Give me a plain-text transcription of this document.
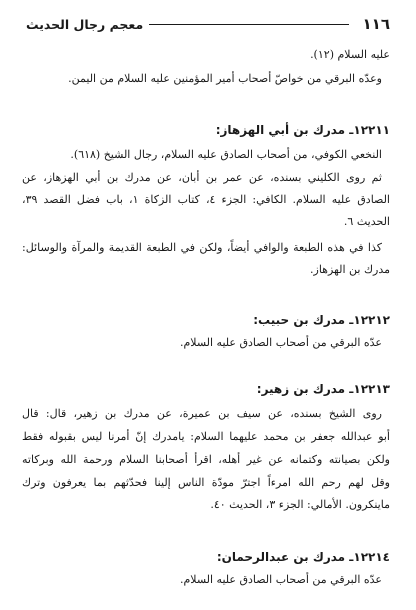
١١٦
معجم رجال الحديث
عليه السلام (١٢).
وعدّه البرقي من خواصّ أصحاب أمير المؤمنين عليه السلام من اليمن.
١٢٢١١ـ مدرك بن أبي الهزهاز:
النخعي الكوفي، من أصحاب الصادق عليه السلام، رجال الشيخ (٦١٨).
ثم روى الكليني بسنده، عن عمر بن أبان، عن مدرك بن أبي الهزهاز، عن
الصادق عليه السلام. الكافي: الجزء ٤، كتاب الزكاة ١، باب فضل القصد ٣٩،
الحديث ٦.
كذا في هذه الطبعة والوافي أيضاً، ولكن في الطبعة القديمة والمرآة والوسائل:
مدرك بن الهزهاز.
١٢٢١٢ـ مدرك بن حبيب:
عدّه البرقي من أصحاب الصادق عليه السلام.
١٢٢١٣ـ مدرك بن زهير:
روى الشيخ بسنده، عن سيف بن عميرة، عن مدرك بن زهير، قال: قال
أبو عبدالله جعفر بن محمد عليهما السلام: يامدرك إنّ أمرنا ليس بقبوله فقط
ولكن بصيانته وكتمانه عن غير أهله، اقرأ أصحابنا السلام ورحمة الله وبركاته
وقل لهم رحم الله امرءاً اجترّ مودّة الناس إلينا فحدّثهم بما يعرفون وترك
ماينكرون. الأمالي: الجزء ٣، الحديث ٤٠.
١٢٢١٤ـ مدرك بن عبدالرحمان:
عدّه البرقي من أصحاب الصادق عليه السلام.
